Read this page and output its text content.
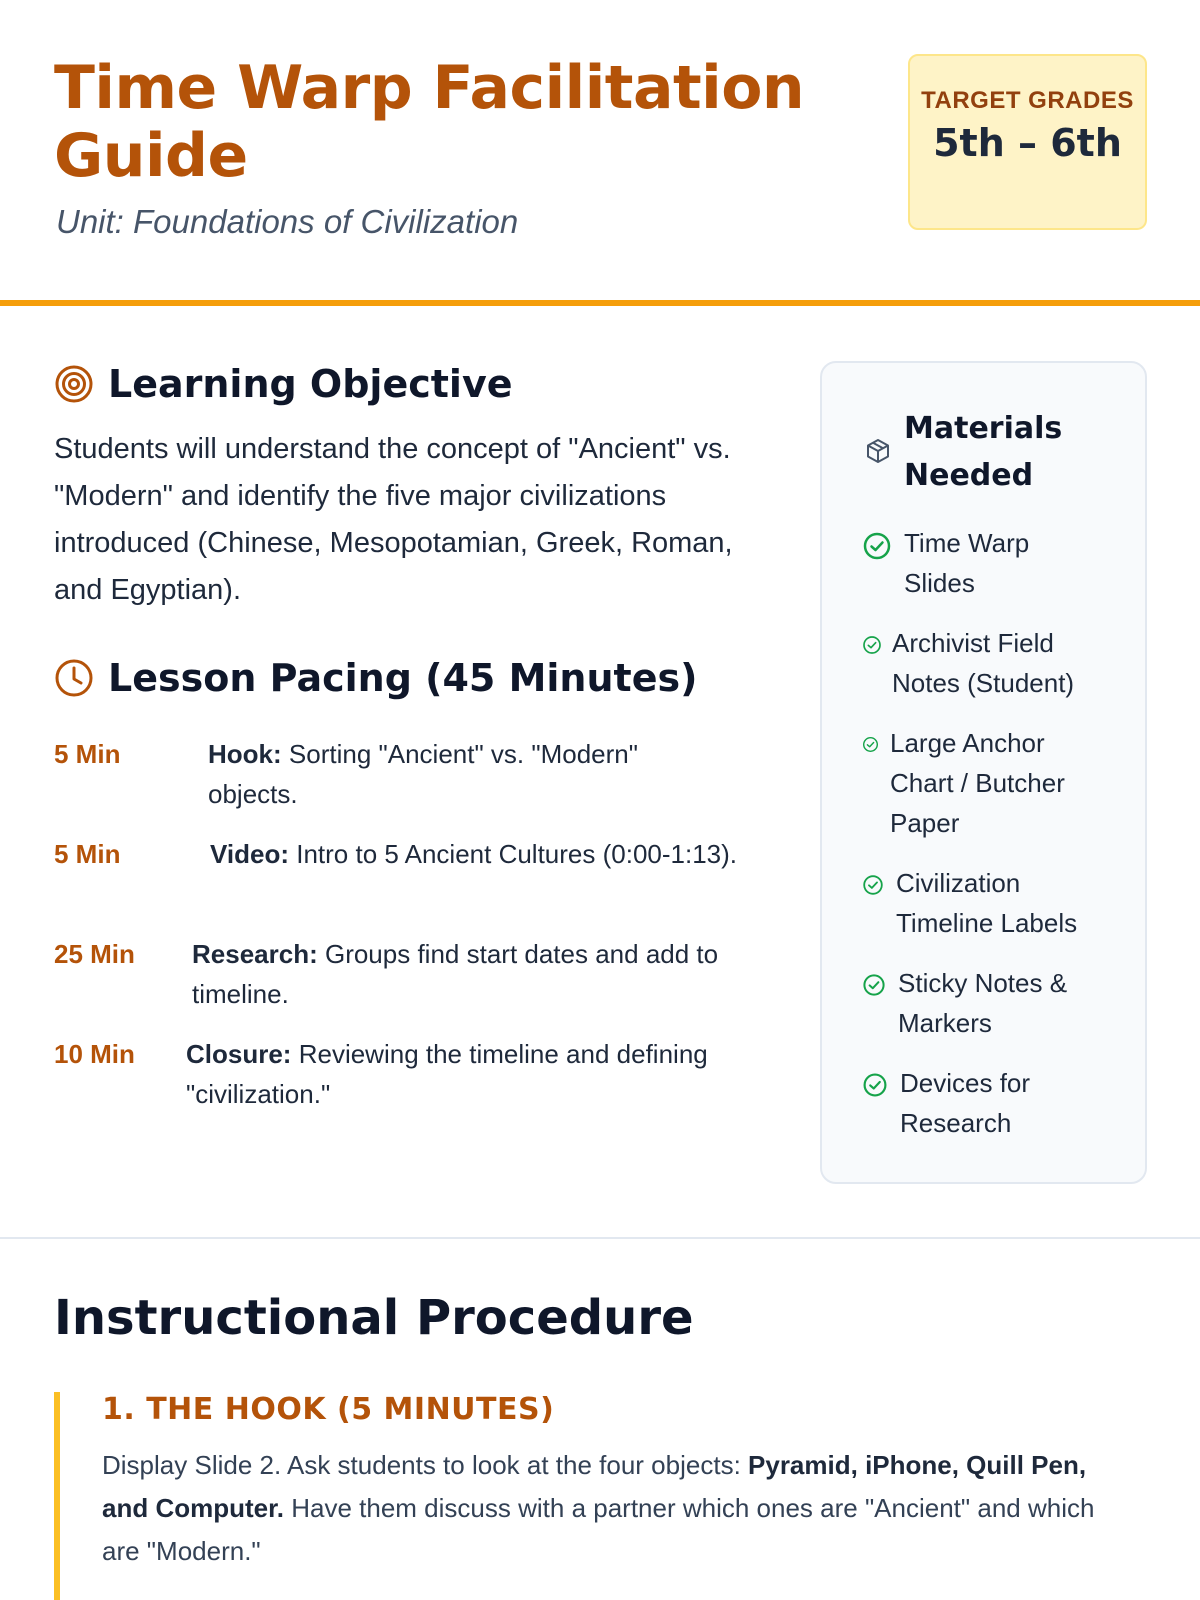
Time Warp Facilitation Guide
Unit: Foundations of Civilization
TARGET GRADES
5th – 6th
Learning Objective

Students will understand the concept of "Ancient" vs. "Modern" and identify the five major civilizations introduced (Chinese, Mesopotamian, Greek, Roman, and Egyptian).

Lesson Pacing (45 Minutes)
5 Min	Hook: Sorting "Ancient" vs. "Modern" objects.
5 Min	Video: Intro to 5 Ancient Cultures (0:00-1:13).
25 Min Research: Groups find start dates and add to timeline.
10 Min Closure: Reviewing the timeline and defining "civilization."
Materials Needed
Time Warp Slides
Archivist Field Notes (Student)
Large Anchor Chart / Butcher Paper
Civilization Timeline Labels
Sticky Notes & Markers
Devices for Research
Instructional Procedure
1. THE HOOK (5 MINUTES)

Display Slide 2. Ask students to look at the four objects: Pyramid, iPhone, Quill Pen, and Computer. Have them discuss with a partner which ones are "Ancient" and which are "Modern."
